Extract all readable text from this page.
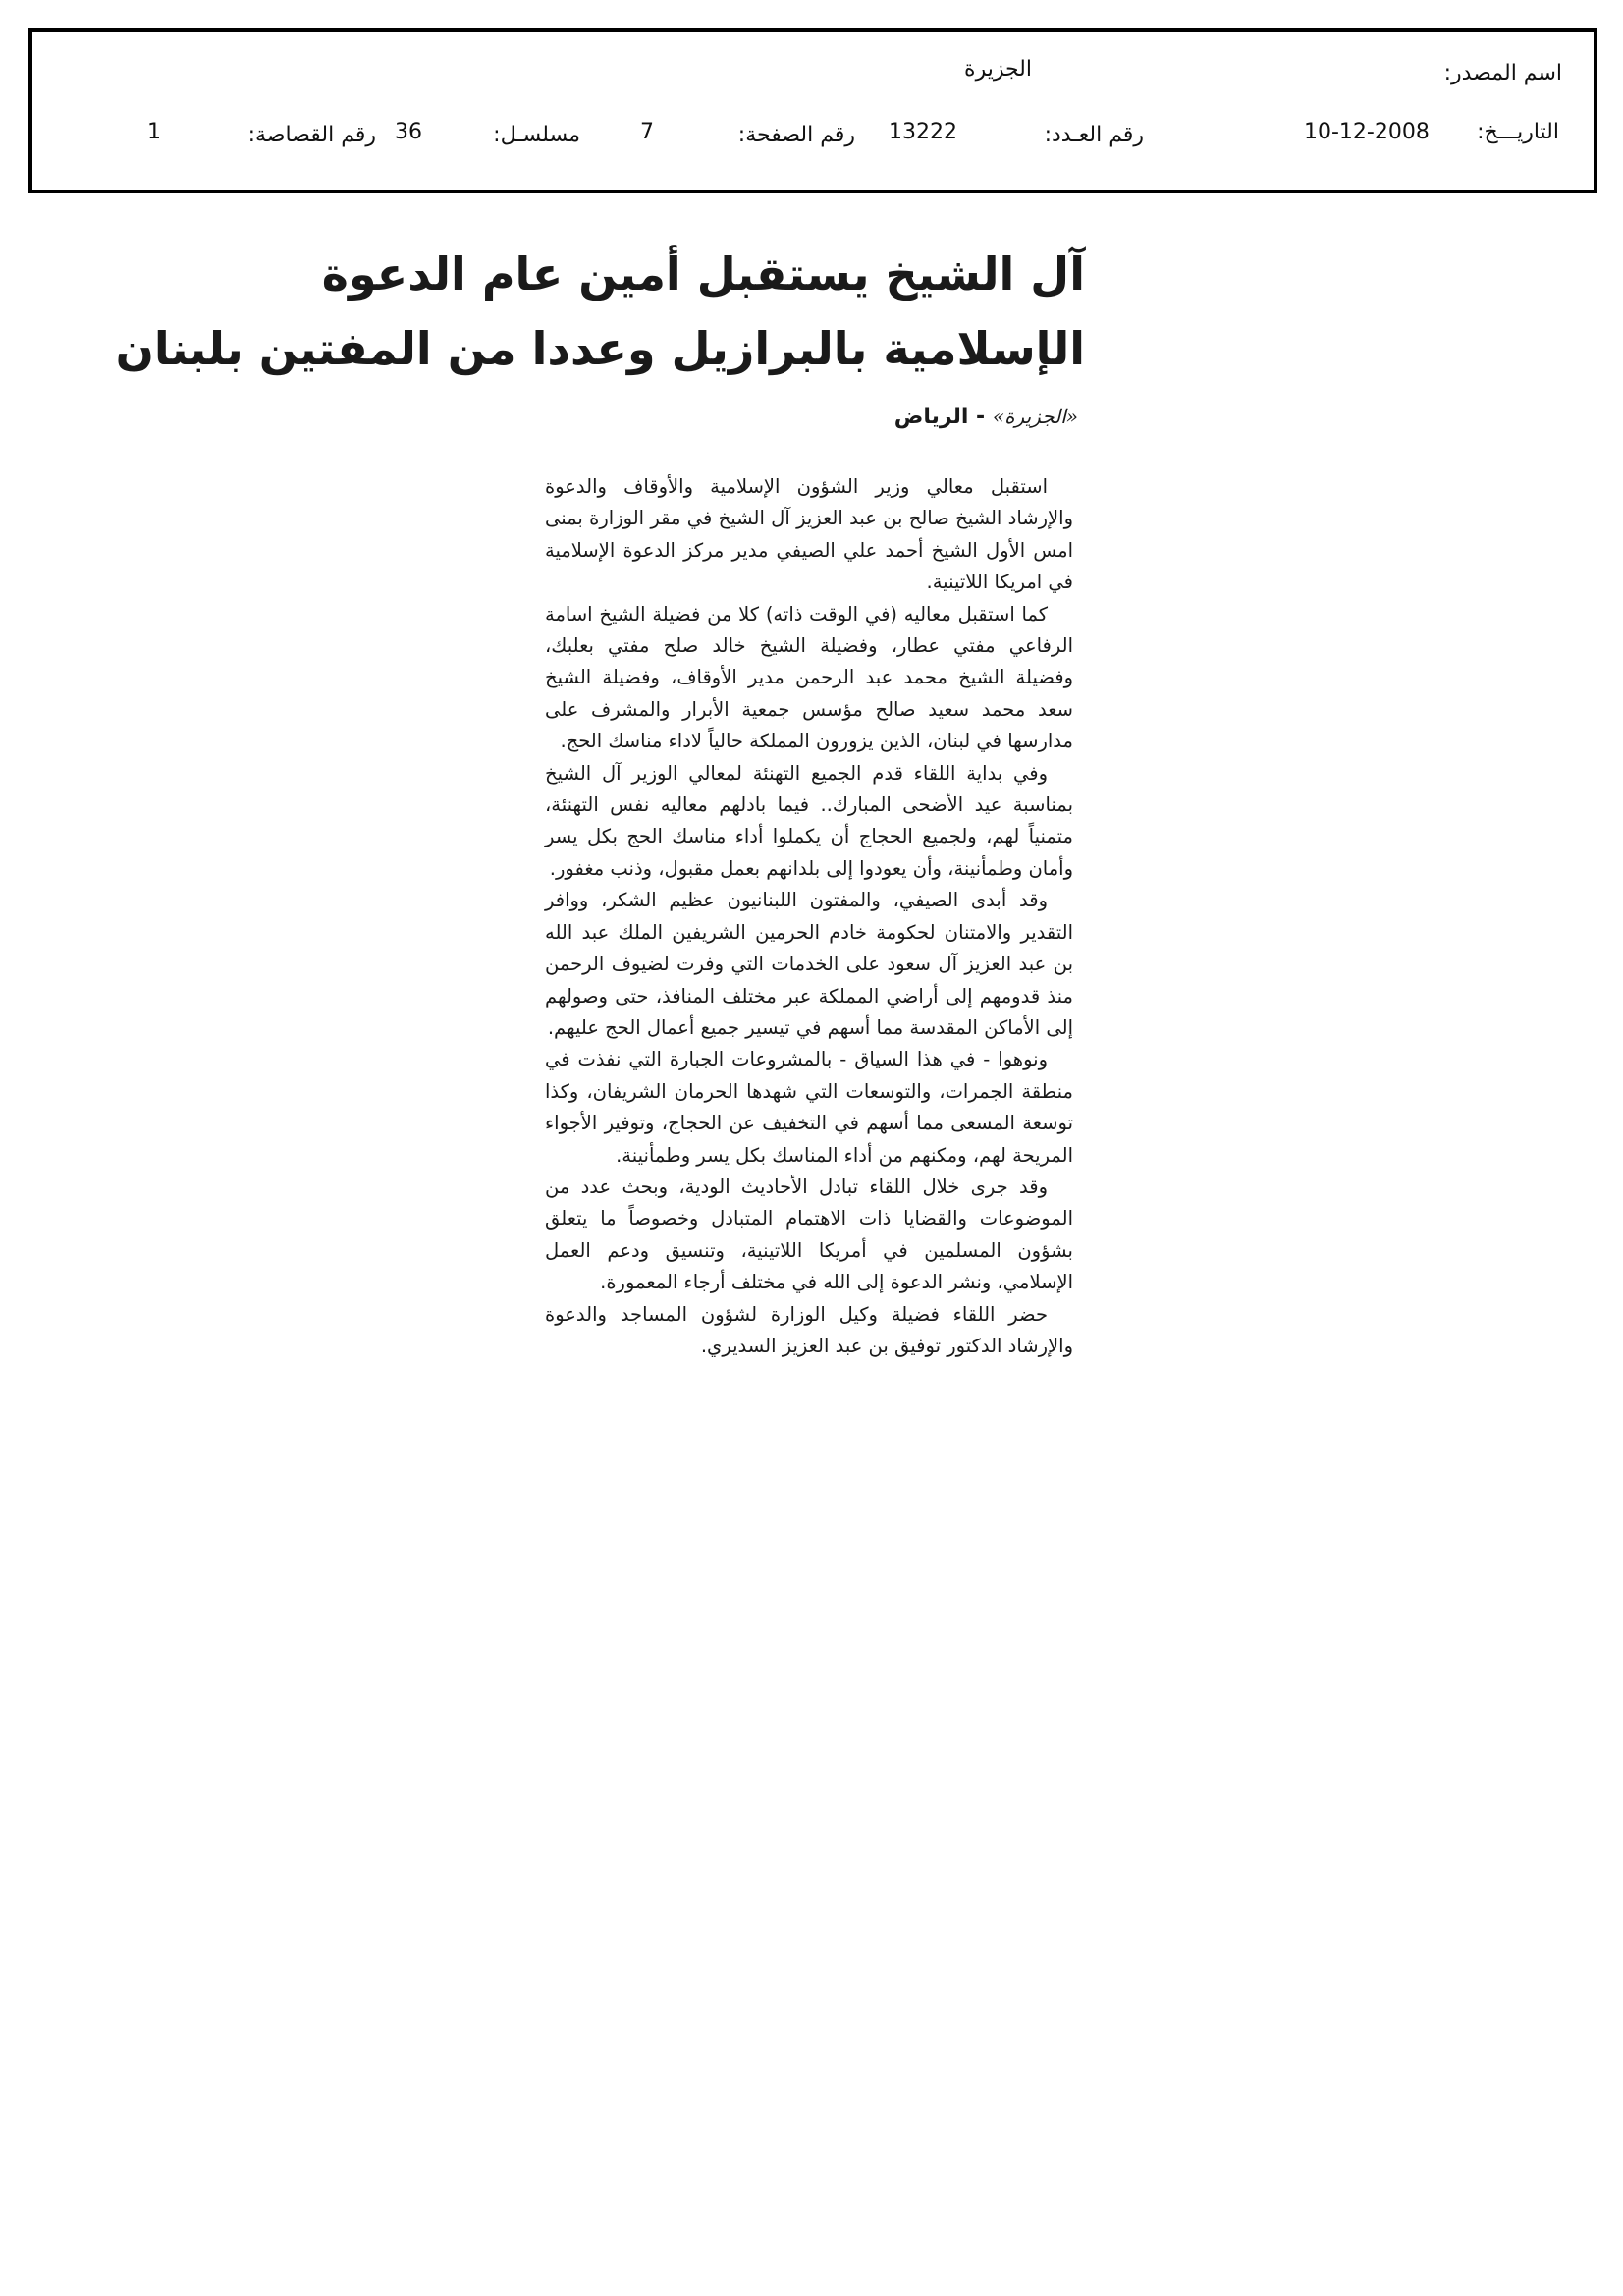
اسم المصدر:
الجزيرة
التاريـــخ:
10-12-2008
رقم العـدد:
13222
رقم الصفحة:
7
مسلسـل:
36
رقم القصاصة:
1
آل الشيخ يستقبل أمين عام الدعوة
الإسلامية بالبرازيل وعددا من المفتين بلبنان
«الجزيرة» - الرياض

استقبل معالي وزير الشؤون الإسلامية والأوقاف والدعوة والإرشاد الشيخ صالح بن عبد العزيز آل الشيخ في مقر الوزارة بمنى امس الأول الشيخ أحمد علي الصيفي مدير مركز الدعوة الإسلامية في امريكا اللاتينية.

كما استقبل معاليه (في الوقت ذاته) كلا من فضيلة الشيخ اسامة الرفاعي مفتي عطار، وفضيلة الشيخ خالد صلح مفتي بعلبك، وفضيلة الشيخ محمد عبد الرحمن مدير الأوقاف، وفضيلة الشيخ سعد محمد سعيد صالح مؤسس جمعية الأبرار والمشرف على مدارسها في لبنان، الذين يزورون المملكة حالياً لاداء مناسك الحج.

وفي بداية اللقاء قدم الجميع التهنئة لمعالي الوزير آل الشيخ بمناسبة عيد الأضحى المبارك.. فيما بادلهم معاليه نفس التهنئة، متمنياً لهم، ولجميع الحجاج أن يكملوا أداء مناسك الحج بكل يسر وأمان وطمأنينة، وأن يعودوا إلى بلدانهم بعمل مقبول، وذنب مغفور.

وقد أبدى الصيفي، والمفتون اللبنانيون عظيم الشكر، ووافر التقدير والامتنان لحكومة خادم الحرمين الشريفين الملك عبد الله بن عبد العزيز آل سعود على الخدمات التي وفرت لضيوف الرحمن منذ قدومهم إلى أراضي المملكة عبر مختلف المنافذ، حتى وصولهم إلى الأماكن المقدسة مما أسهم في تيسير جميع أعمال الحج عليهم.

ونوهوا - في هذا السياق - بالمشروعات الجبارة التي نفذت في منطقة الجمرات، والتوسعات التي شهدها الحرمان الشريفان، وكذا توسعة المسعى مما أسهم في التخفيف عن الحجاج، وتوفير الأجواء المريحة لهم، ومكنهم من أداء المناسك بكل يسر وطمأنينة.

وقد جرى خلال اللقاء تبادل الأحاديث الودية، وبحث عدد من الموضوعات والقضايا ذات الاهتمام المتبادل وخصوصاً ما يتعلق بشؤون المسلمين في أمريكا اللاتينية، وتنسيق ودعم العمل الإسلامي، ونشر الدعوة إلى الله في مختلف أرجاء المعمورة.

حضر اللقاء فضيلة وكيل الوزارة لشؤون المساجد والدعوة والإرشاد الدكتور توفيق بن عبد العزيز السديري.
